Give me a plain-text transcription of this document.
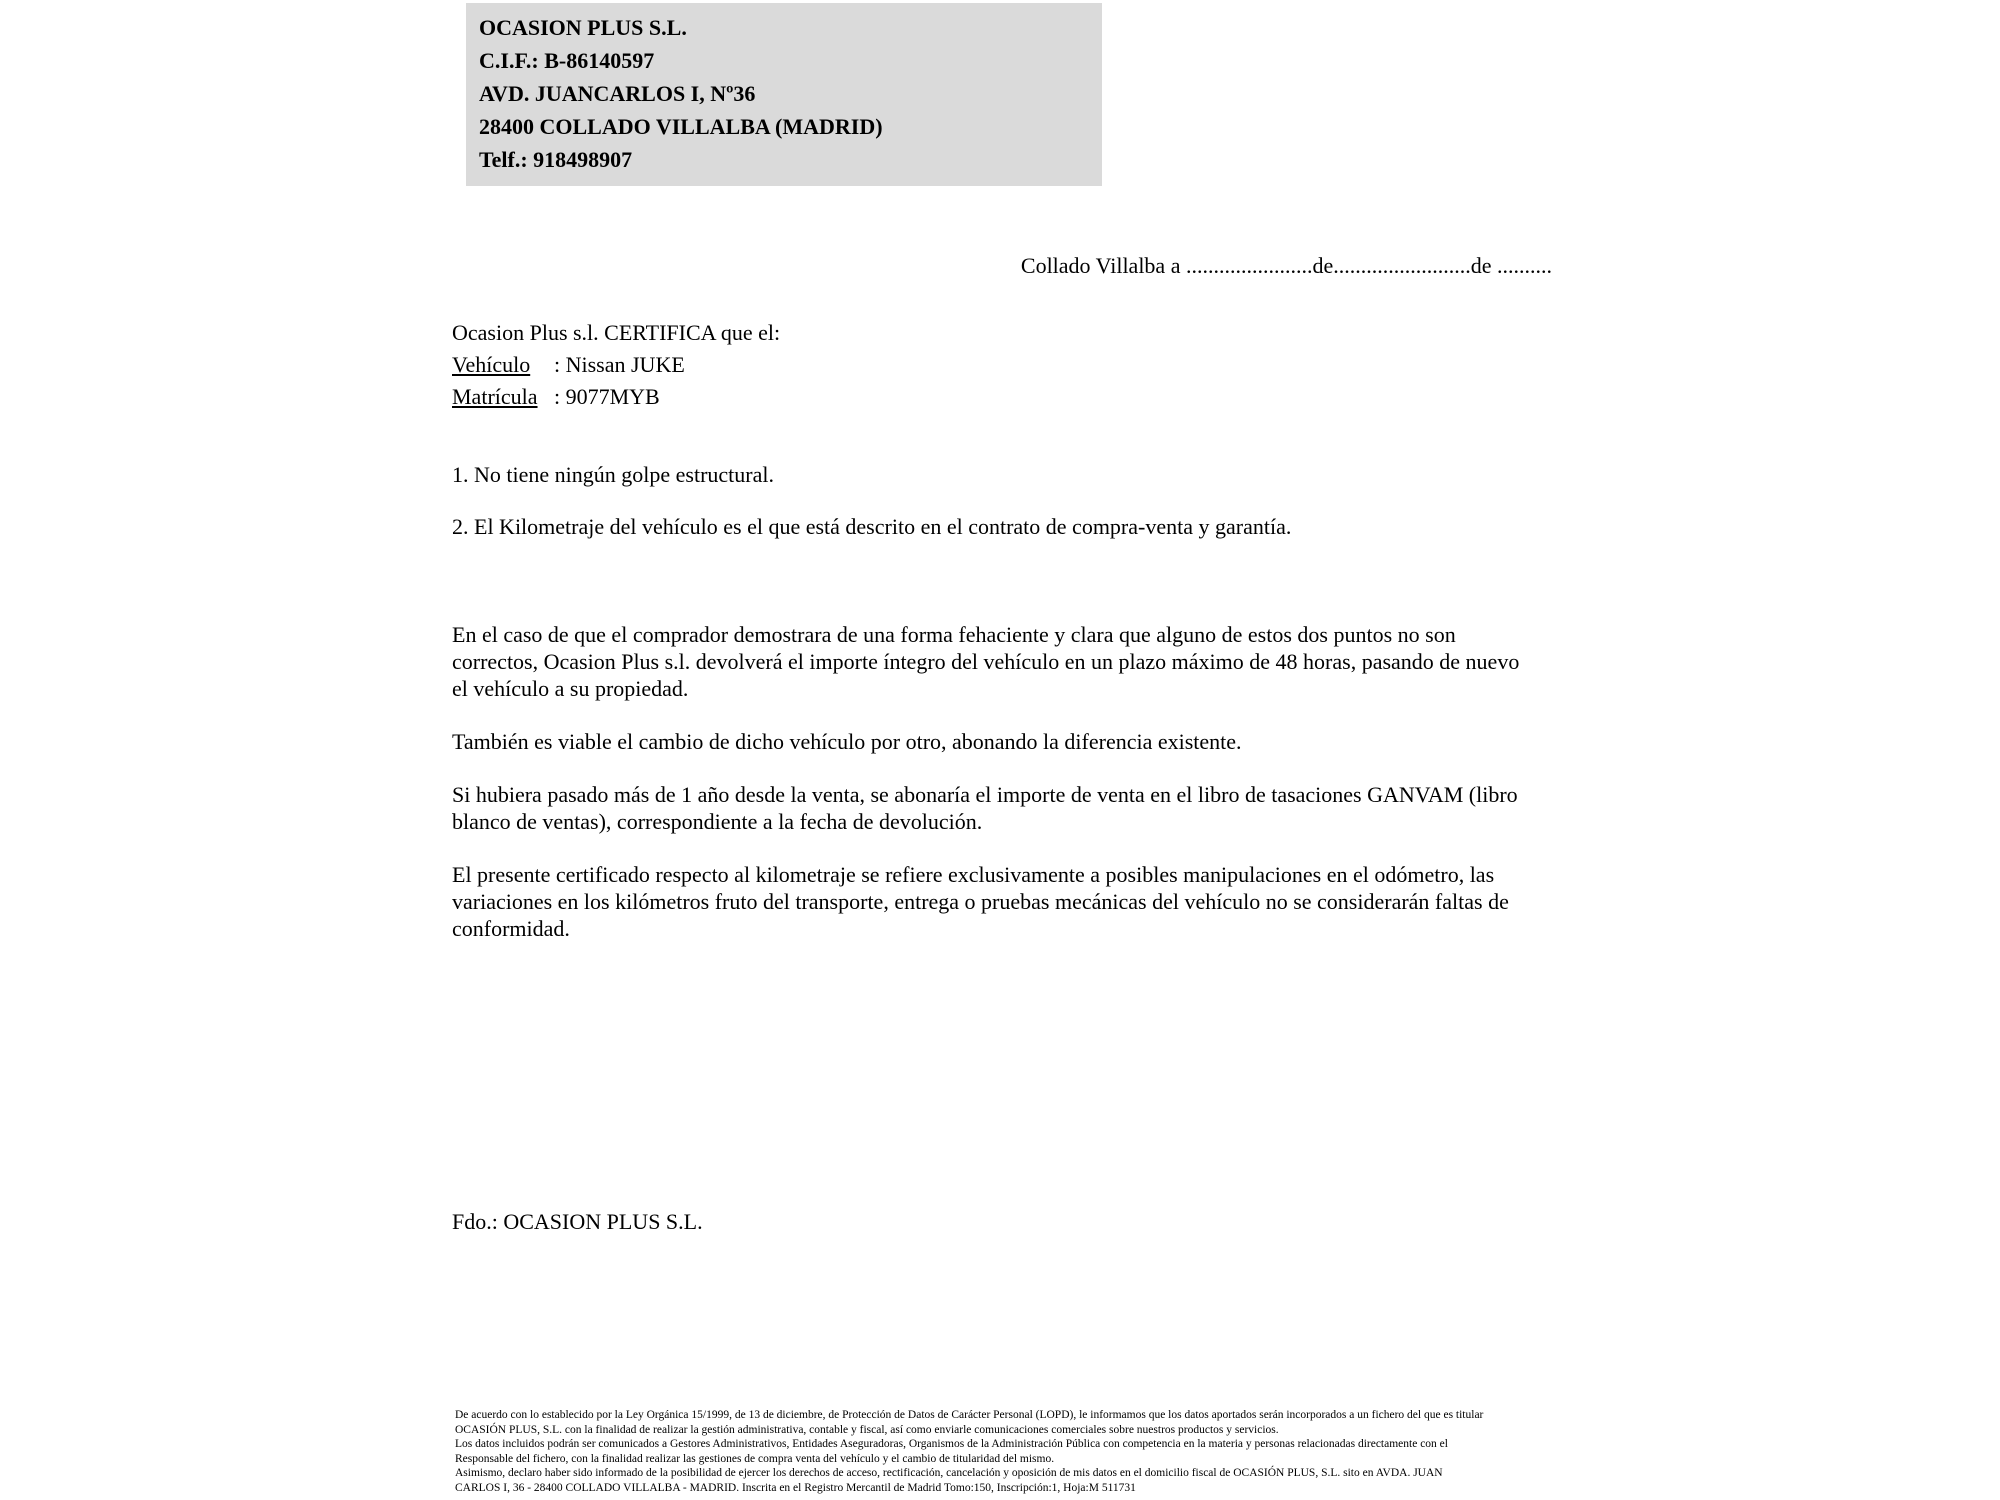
OCASION PLUS S.L.
C.I.F.: B-86140597
AVD. JUANCARLOS I, Nº36
28400 COLLADO VILLALBA (MADRID)
Telf.: 918498907
Collado Villalba a .......................de.........................de ..........
Ocasion Plus s.l. CERTIFICA que el:
Vehículo : Nissan JUKE
Matrícula : 9077MYB
1. No tiene ningún golpe estructural.
2. El Kilometraje del vehículo es el que está descrito en el contrato de compra-venta y garantía.
En el caso de que el comprador demostrara de una forma fehaciente y clara que alguno de estos dos puntos no son correctos, Ocasion Plus s.l. devolverá el importe íntegro del vehículo en un plazo máximo de 48 horas, pasando de nuevo el vehículo a su propiedad.
También es viable el cambio de dicho vehículo por otro, abonando la diferencia existente.
Si hubiera pasado más de 1 año desde la venta, se abonaría el importe de venta en el libro de tasaciones GANVAM (libro blanco de ventas), correspondiente a la fecha de devolución.
El presente certificado respecto al kilometraje se refiere exclusivamente a posibles manipulaciones en el odómetro, las variaciones en los kilómetros fruto del transporte, entrega o pruebas mecánicas del vehículo no se considerarán faltas de conformidad.
Fdo.: OCASION PLUS S.L.
De acuerdo con lo establecido por la Ley Orgánica 15/1999, de 13 de diciembre, de Protección de Datos de Carácter Personal (LOPD), le informamos que los datos aportados serán incorporados a un fichero del que es titular
OCASIÓN PLUS, S.L. con la finalidad de realizar la gestión administrativa, contable y fiscal, así como enviarle comunicaciones comerciales sobre nuestros productos y servicios.
Los datos incluidos podrán ser comunicados a Gestores Administrativos, Entidades Aseguradoras, Organismos de la Administración Pública con competencia en la materia y personas relacionadas directamente con el
Responsable del fichero, con la finalidad realizar las gestiones de compra venta del vehículo y el cambio de titularidad del mismo.
Asimismo, declaro haber sido informado de la posibilidad de ejercer los derechos de acceso, rectificación, cancelación y oposición de mis datos en el domicilio fiscal de OCASIÓN PLUS, S.L. sito en AVDA. JUAN
CARLOS I, 36 - 28400 COLLADO VILLALBA - MADRID. Inscrita en el Registro Mercantil de Madrid Tomo:150, Inscripción:1, Hoja:M 511731
